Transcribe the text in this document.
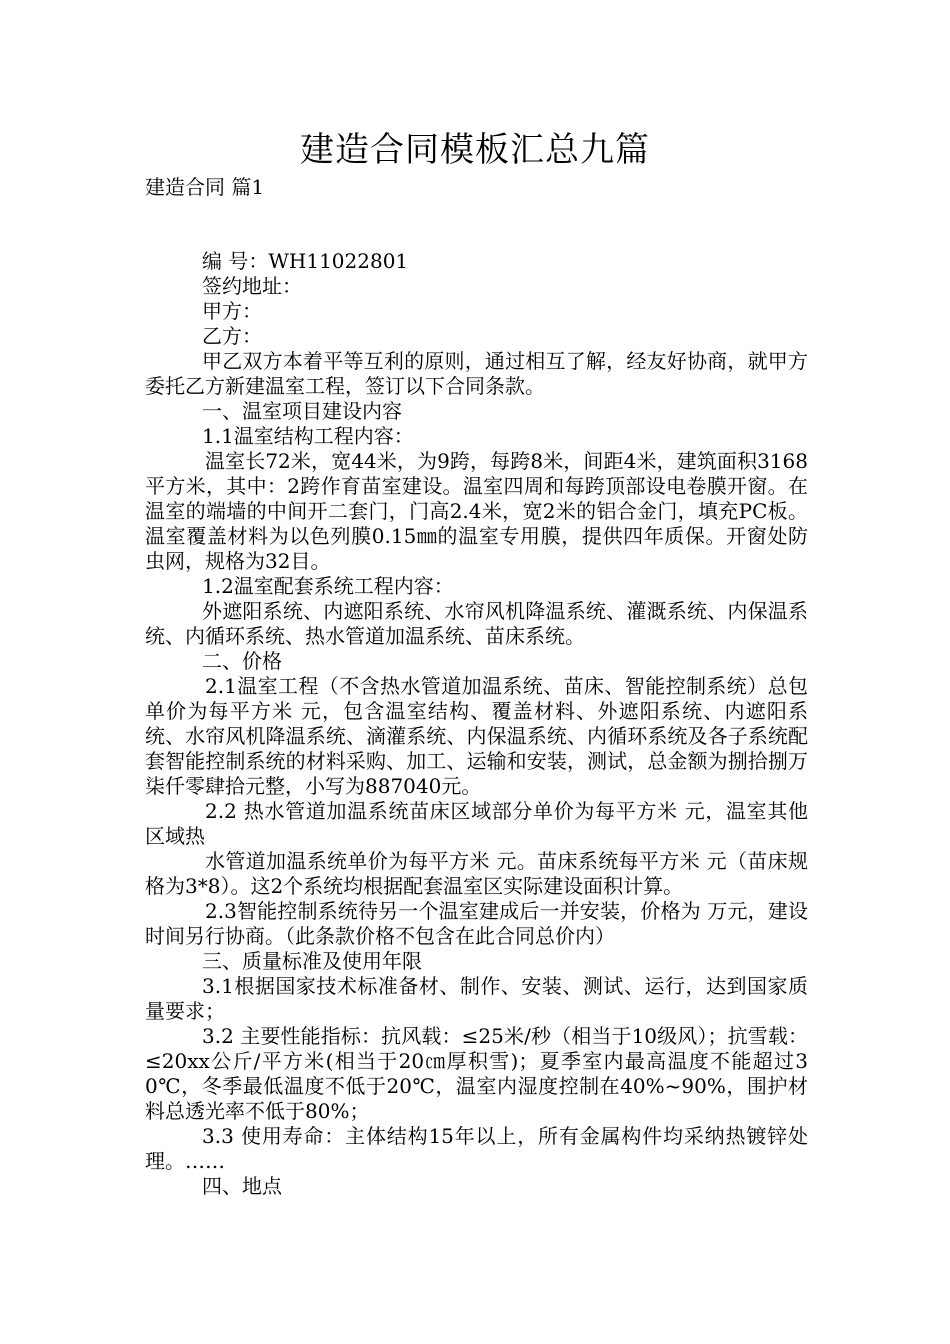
建造合同模板汇总九篇
建造合同 篇1

编 号：WH11022801

签约地址：

甲方：

乙方：

甲乙双方本着平等互利的原则，通过相互了解，经友好协商，就甲方委托乙方新建温室工程，签订以下合同条款。

一、温室项目建设内容

1.1温室结构工程内容：

温室长72米，宽44米，为9跨，每跨8米，间距4米，建筑面积3168平方米，其中：2跨作育苗室建设。温室四周和每跨顶部设电卷膜开窗。在温室的端墙的中间开二套门，门高2.4米，宽2米的铝合金门，填充PC板。温室覆盖材料为以色列膜0.15㎜的温室专用膜，提供四年质保。开窗处防虫网，规格为32目。

1.2温室配套系统工程内容：

外遮阳系统、内遮阳系统、水帘风机降温系统、灌溉系统、内保温系统、内循环系统、热水管道加温系统、苗床系统。

二、价格

2.1温室工程（不含热水管道加温系统、苗床、智能控制系统）总包单价为每平方米 元，包含温室结构、覆盖材料、外遮阳系统、内遮阳系统、水帘风机降温系统、滴灌系统、内保温系统、内循环系统及各子系统配套智能控制系统的材料采购、加工、运输和安装，测试，总金额为捌拾捌万柒仟零肆拾元整，小写为887040元。

2.2 热水管道加温系统苗床区域部分单价为每平方米 元，温室其他区域热

水管道加温系统单价为每平方米 元。苗床系统每平方米 元（苗床规格为3*8）。这2个系统均根据配套温室区实际建设面积计算。

2.3智能控制系统待另一个温室建成后一并安装，价格为 万元，建设时间另行协商。（此条款价格不包含在此合同总价内）

三、质量标准及使用年限

3.1根据国家技术标准备材、制作、安装、测试、运行，达到国家质量要求；

3.2 主要性能指标：抗风载：≤25米/秒（相当于10级风）；抗雪载：≤20xx公斤/平方米(相当于20㎝厚积雪)；夏季室内最高温度不能超过30℃，冬季最低温度不低于20℃，温室内湿度控制在40%~90%，围护材料总透光率不低于80%；

3.3 使用寿命：主体结构15年以上，所有金属构件均采纳热镀锌处理。……

四、地点
